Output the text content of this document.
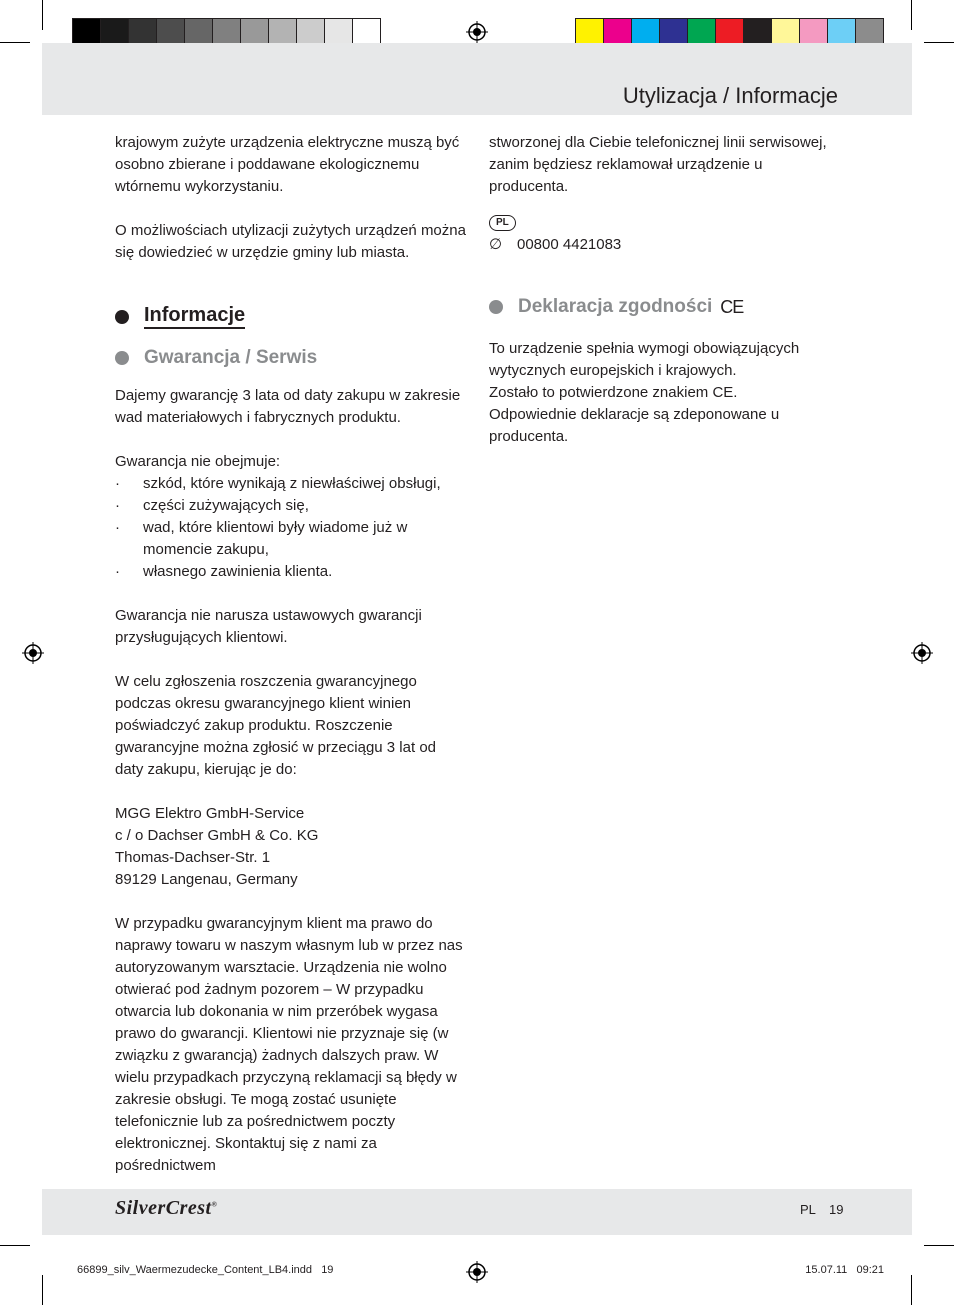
Utylizacja / Informacje

krajowym zużyte urządzenia elektryczne muszą być osobno zbierane i poddawane ekologicznemu wtórnemu wykorzystaniu.

O możliwościach utylizacji zużytych urządzeń można się dowiedzieć w urzędzie gminy lub miasta.

Informacje
Gwarancja / Serwis

Dajemy gwarancję 3 lata od daty zakupu w zakresie wad materiałowych i fabrycznych produktu.

Gwarancja nie obejmuje:

·	szkód, które wynikają z niewłaściwej obsługi,
·	części zużywających się,
·	wad, które klientowi były wiadome już w momencie zakupu,
·	własnego zawinienia klienta.

Gwarancja nie narusza ustawowych gwarancji przysługujących klientowi.

W celu zgłoszenia roszczenia gwarancyjnego podczas okresu gwarancyjnego klient winien poświadczyć zakup produktu. Roszczenie gwarancyjne można zgłosić w przeciągu 3 lat od daty zakupu, kierując je do:

MGG Elektro GmbH-Service
c / o Dachser GmbH & Co. KG
Thomas-Dachser-Str. 1
89129 Langenau, Germany

W przypadku gwarancyjnym klient ma prawo do naprawy towaru w naszym własnym lub w przez nas autoryzowanym warsztacie. Urządzenia nie wolno otwierać pod żadnym pozorem – W przypadku otwarcia lub dokonania w nim przeróbek wygasa prawo do gwarancji. Klientowi nie przyznaje się (w związku z gwarancją) żadnych dalszych praw. W wielu przypadkach przyczyną reklamacji są błędy w zakresie obsługi. Te mogą zostać usunięte telefonicznie lub za pośrednictwem poczty elektronicznej. Skontaktuj się z nami za pośrednictwem

stworzonej dla Ciebie telefonicznej linii serwisowej, zanim będziesz reklamował urządzenie u producenta.

PL
∅ 00800 4421083
Deklaracja zgodności CE

To urządzenie spełnia wymogi obowiązujących wytycznych europejskich i krajowych.

Zostało to potwierdzone znakiem CE.

Odpowiednie deklaracje są zdeponowane u producenta.

SilverCrest®	PL 19
66899_silv_Waermezudecke_Content_LB4.indd   19	15.07.11   09:21
